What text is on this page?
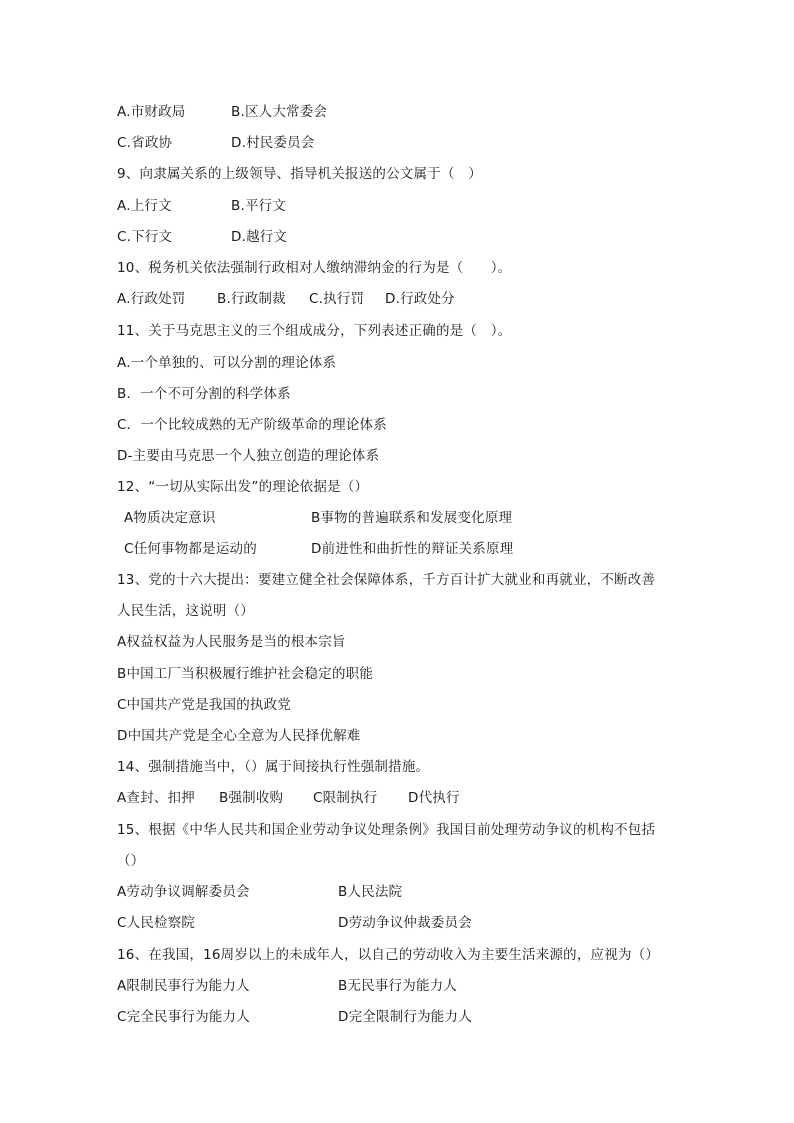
A.市财政局	B.区人大常委会
C.省政协	D.村民委员会
9、向隶属关系的上级领导、指导机关报送的公文属于（　）
A.上行文	B.平行文
C.下行文	D.越行文
10、税务机关依法强制行政相对人缴纳滞纳金的行为是（　　）。
A.行政处罚 B.行政制裁 C.执行罚 D.行政处分
11、关于马克思主义的三个组成成分，下列表述正确的是（　）。
A.一个单独的、可以分割的理论体系
B．一个不可分割的科学体系
C．一个比较成熟的无产阶级革命的理论体系
D-主要由马克思一个人独立创造的理论体系
12、“一切从实际出发”的理论依据是（）
A物质决定意识	B事物的普遍联系和发展变化原理
C任何事物都是运动的	D前进性和曲折性的辩证关系原理
13、党的十六大提出：要建立健全社会保障体系，千方百计扩大就业和再就业，不断改善
人民生活，这说明（）
A权益权益为人民服务是当的根本宗旨
B中国工厂当积极履行维护社会稳定的职能
C中国共产党是我国的执政党
D中国共产党是全心全意为人民择优解难
14、强制措施当中，（）属于间接执行性强制措施。
A查封、扣押 B强制收购 C限制执行 D代执行
15、根据《中华人民共和国企业劳动争议处理条例》我国目前处理劳动争议的机构不包括
（）
A劳动争议调解委员会	B人民法院
C人民检察院	D劳动争议仲裁委员会
16、在我国，16周岁以上的未成年人，以自己的劳动收入为主要生活来源的，应视为（）
A限制民事行为能力人	B无民事行为能力人
C完全民事行为能力人	D完全限制行为能力人
